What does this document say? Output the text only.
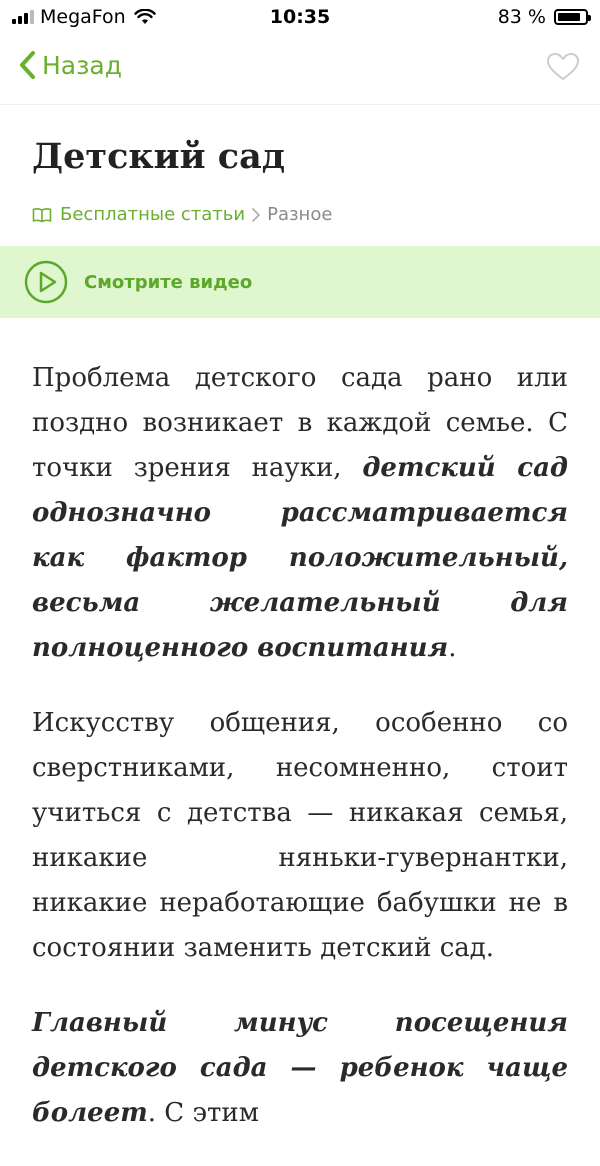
MegaFon	10:35	83 %
Назад
Детский сад
Бесплатные статьи Разное
Смотрите видео

Проблема детского сада рано или поздно возникает в каждой семье. С точки зрения науки, детский сад однозначно рассматривается как фактор положительный, весьма желательный для полноценного воспитания.

Искусству общения, особенно со сверстниками, несомненно, стоит учиться с детства — никакая семья, никакие няньки-гувернантки, никакие неработающие бабушки не в состоянии заменить детский сад.

Главный минус посещения детского сада — ребенок чаще болеет. С этим
